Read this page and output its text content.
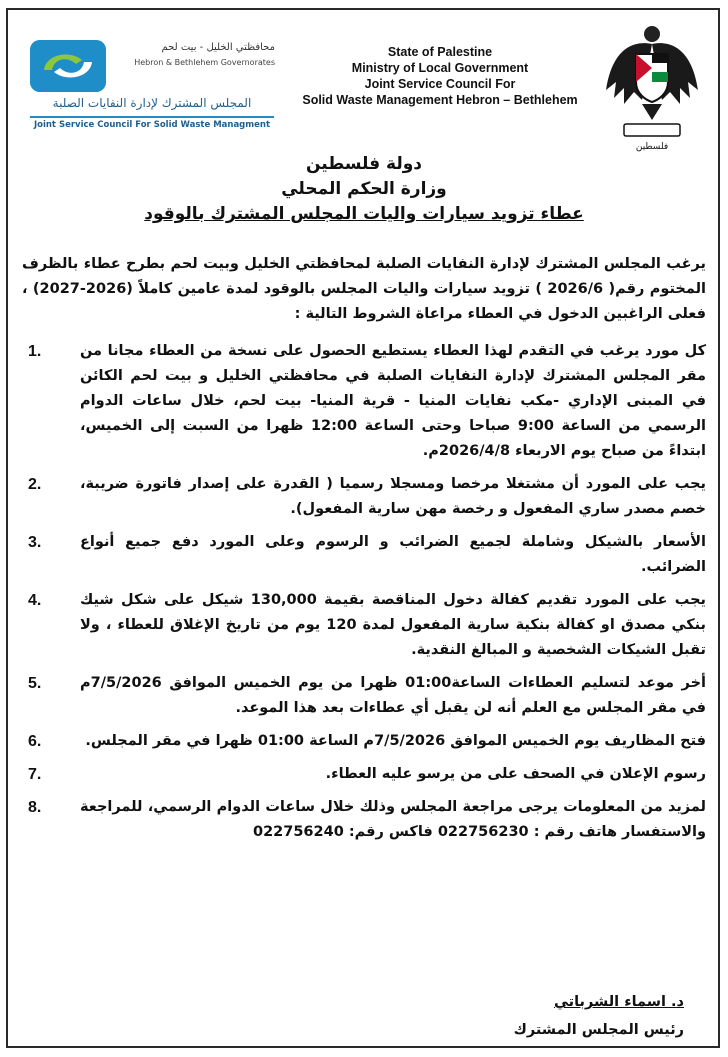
محافظتي الخليل - بيت لحم
Hebron & Bethlehem Governorates
المجلس المشترك لإدارة النفايات الصلبة
Joint Service Council For Solid Waste Managment
State of Palestine
Ministry of Local Government
Joint Service Council For
Solid Waste Management Hebron – Bethlehem
فلسطين
دولة فلسطين
وزارة الحكم المحلي
عطاء تزويد سيارات واليات المجلس المشترك بالوقود

يرغب المجلس المشترك لإدارة النفايات الصلبة لمحافظتي الخليل وبيت لحم بطرح عطاء بالظرف المختوم رقم( 2026/6 ) تزويد سيارات واليات المجلس بالوقود لمدة عامين كاملاً (2026-2027) ، فعلى الراغبين الدخول في العطاء مراعاة الشروط التالية :

1.	كل مورد يرغب في التقدم لهذا العطاء يستطيع الحصول على نسخة من العطاء مجانا من مقر المجلس المشترك لإدارة النفايات الصلبة في محافظتي الخليل و بيت لحم الكائن في المبنى الإداري -مكب نفايات المنيا - قرية المنيا- بيت لحم، خلال ساعات الدوام الرسمي من الساعة 9:00 صباحا وحتى الساعة 12:00 ظهرا من السبت إلى الخميس، ابتداءً من صباح يوم الاربعاء 2026/4/8م.
2.	يجب على المورد أن مشتغلا مرخصا ومسجلا رسميا ( القدرة على إصدار فاتورة ضريبة، خصم مصدر ساري المفعول و رخصة مهن سارية المفعول).
3.	الأسعار بالشيكل وشاملة لجميع الضرائب و الرسوم وعلى المورد دفع جميع أنواع الضرائب.
4.	يجب على المورد تقديم كفالة دخول المناقصة بقيمة 130,000 شيكل على شكل شيك بنكي مصدق او كفالة بنكية سارية المفعول لمدة 120 يوم من تاريخ الإغلاق للعطاء ، ولا تقبل الشيكات الشخصية و المبالغ النقدية.
5.	أخر موعد لتسليم العطاءات الساعة01:00 ظهرا من يوم الخميس الموافق 7/5/2026م في مقر المجلس مع العلم أنه لن يقبل أي عطاءات بعد هذا الموعد.
6.	فتح المظاريف يوم الخميس الموافق 7/5/2026م الساعة 01:00 ظهرا في مقر المجلس.
7.	رسوم الإعلان في الصحف على من يرسو عليه العطاء.
8.	لمزيد من المعلومات يرجى مراجعة المجلس وذلك خلال ساعات الدوام الرسمي، للمراجعة والاستفسار هاتف رقم : 022756230 فاكس رقم: 022756240
د. اسماء الشرباتي
رئيس المجلس المشترك
